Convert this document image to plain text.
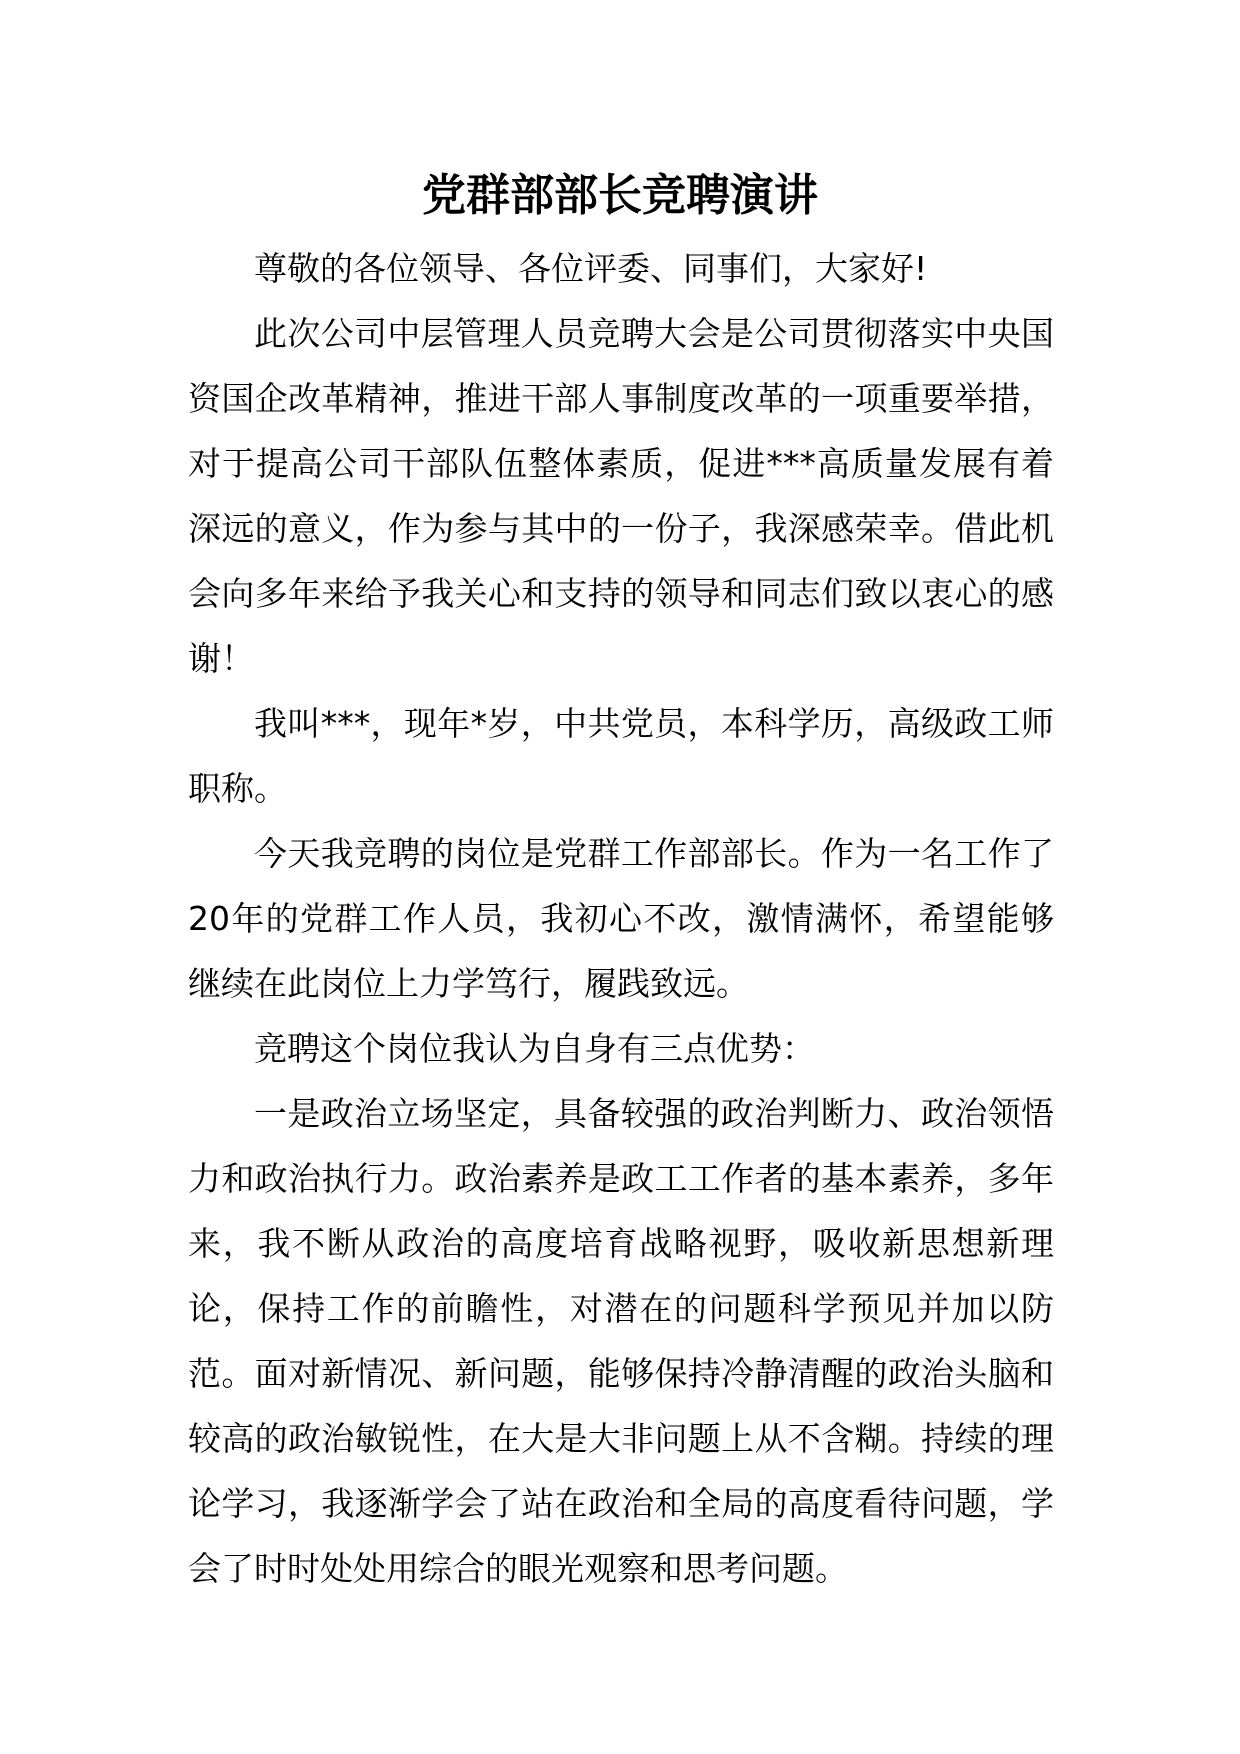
党群部部长竞聘演讲

尊敬的各位领导、各位评委、同事们，大家好!

此次公司中层管理人员竞聘大会是公司贯彻落实中央国资国企改革精神，推进干部人事制度改革的一项重要举措，对于提高公司干部队伍整体素质，促进***高质量发展有着深远的意义，作为参与其中的一份子，我深感荣幸。借此机会向多年来给予我关心和支持的领导和同志们致以衷心的感谢！

我叫***，现年*岁，中共党员，本科学历，高级政工师职称。

今天我竞聘的岗位是党群工作部部长。作为一名工作了20年的党群工作人员，我初心不改，激情满怀，希望能够继续在此岗位上力学笃行，履践致远。

竞聘这个岗位我认为自身有三点优势：

一是政治立场坚定，具备较强的政治判断力、政治领悟力和政治执行力。政治素养是政工工作者的基本素养，多年来，我不断从政治的高度培育战略视野，吸收新思想新理论，保持工作的前瞻性，对潜在的问题科学预见并加以防范。面对新情况、新问题，能够保持冷静清醒的政治头脑和较高的政治敏锐性，在大是大非问题上从不含糊。持续的理论学习，我逐渐学会了站在政治和全局的高度看待问题，学会了时时处处用综合的眼光观察和思考问题。
